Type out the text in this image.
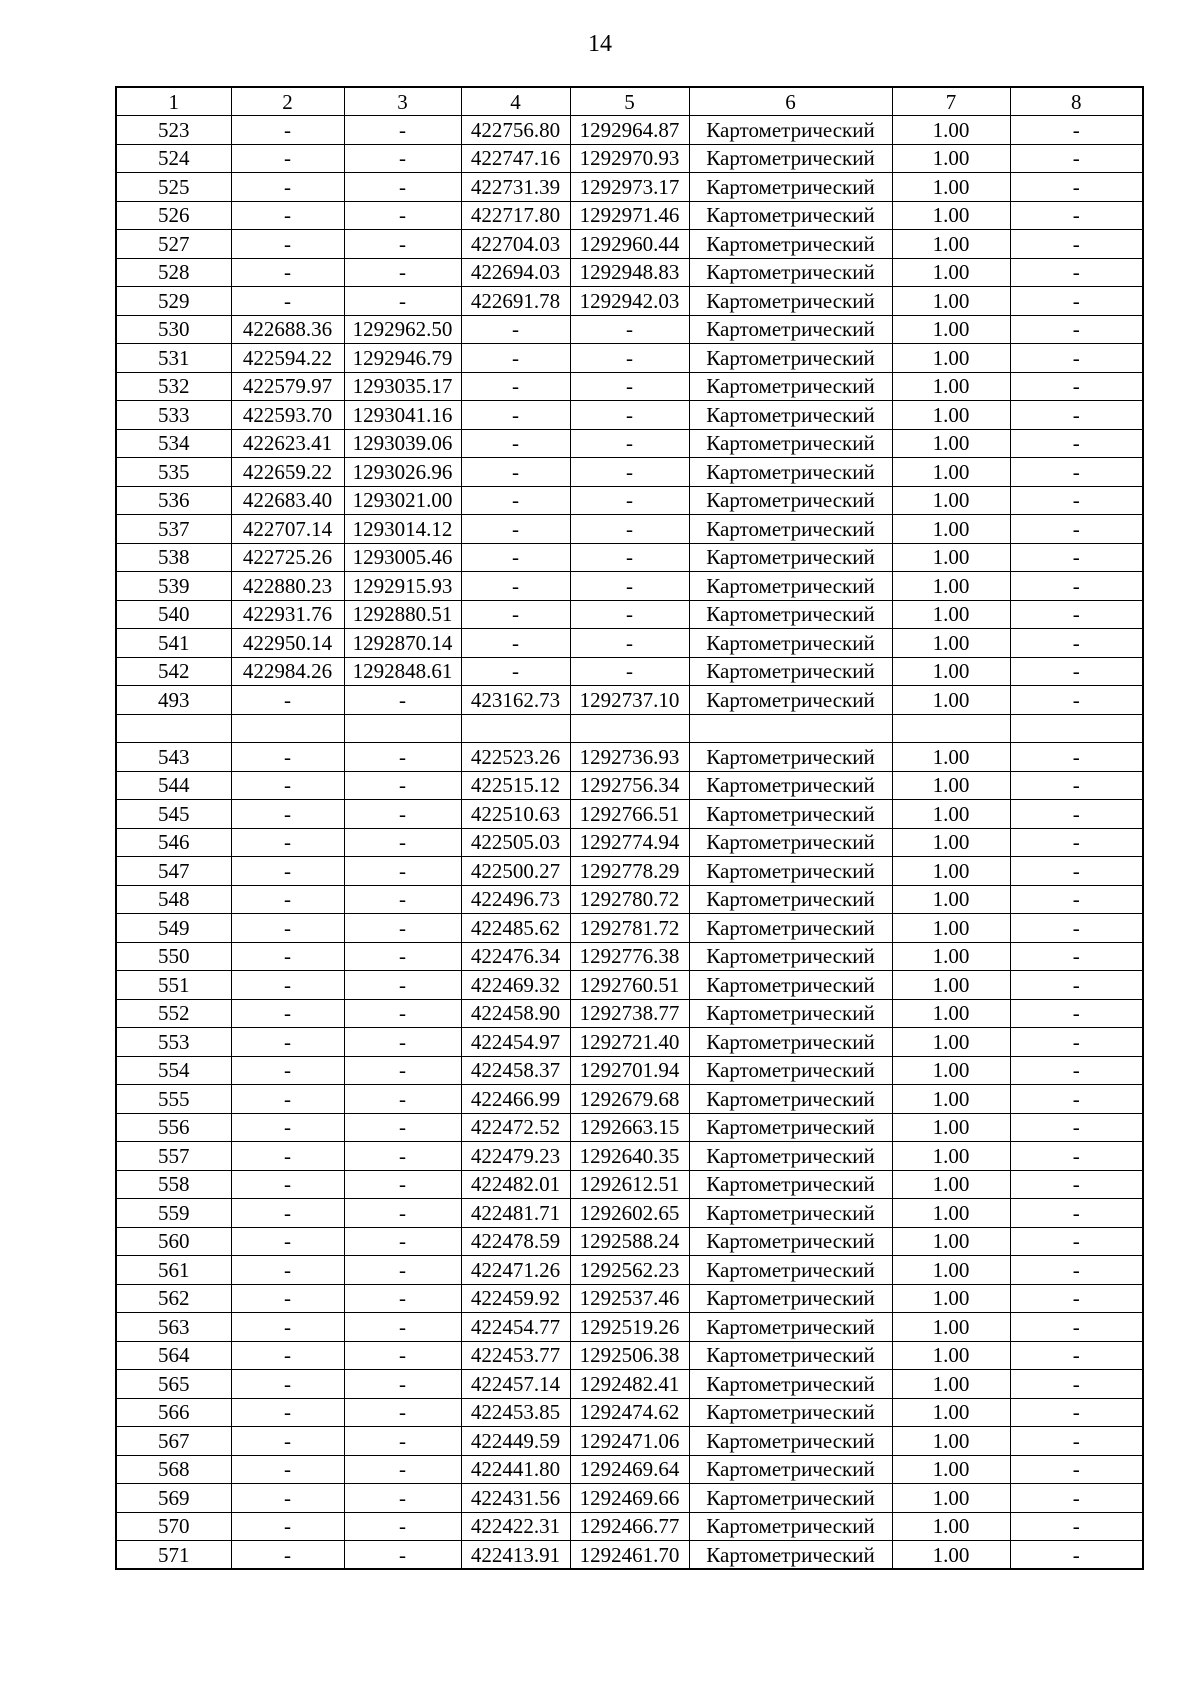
14
1	2	3	4	5	6	7	8
523	-	-	422756.80	1292964.87	Картометрический	1.00	-
524	-	-	422747.16	1292970.93	Картометрический	1.00	-
525	-	-	422731.39	1292973.17	Картометрический	1.00	-
526	-	-	422717.80	1292971.46	Картометрический	1.00	-
527	-	-	422704.03	1292960.44	Картометрический	1.00	-
528	-	-	422694.03	1292948.83	Картометрический	1.00	-
529	-	-	422691.78	1292942.03	Картометрический	1.00	-
530	422688.36	1292962.50	-	-	Картометрический	1.00	-
531	422594.22	1292946.79	-	-	Картометрический	1.00	-
532	422579.97	1293035.17	-	-	Картометрический	1.00	-
533	422593.70	1293041.16	-	-	Картометрический	1.00	-
534	422623.41	1293039.06	-	-	Картометрический	1.00	-
535	422659.22	1293026.96	-	-	Картометрический	1.00	-
536	422683.40	1293021.00	-	-	Картометрический	1.00	-
537	422707.14	1293014.12	-	-	Картометрический	1.00	-
538	422725.26	1293005.46	-	-	Картометрический	1.00	-
539	422880.23	1292915.93	-	-	Картометрический	1.00	-
540	422931.76	1292880.51	-	-	Картометрический	1.00	-
541	422950.14	1292870.14	-	-	Картометрический	1.00	-
542	422984.26	1292848.61	-	-	Картометрический	1.00	-
493	-	-	423162.73	1292737.10	Картометрический	1.00	-

543	-	-	422523.26	1292736.93	Картометрический	1.00	-
544	-	-	422515.12	1292756.34	Картометрический	1.00	-
545	-	-	422510.63	1292766.51	Картометрический	1.00	-
546	-	-	422505.03	1292774.94	Картометрический	1.00	-
547	-	-	422500.27	1292778.29	Картометрический	1.00	-
548	-	-	422496.73	1292780.72	Картометрический	1.00	-
549	-	-	422485.62	1292781.72	Картометрический	1.00	-
550	-	-	422476.34	1292776.38	Картометрический	1.00	-
551	-	-	422469.32	1292760.51	Картометрический	1.00	-
552	-	-	422458.90	1292738.77	Картометрический	1.00	-
553	-	-	422454.97	1292721.40	Картометрический	1.00	-
554	-	-	422458.37	1292701.94	Картометрический	1.00	-
555	-	-	422466.99	1292679.68	Картометрический	1.00	-
556	-	-	422472.52	1292663.15	Картометрический	1.00	-
557	-	-	422479.23	1292640.35	Картометрический	1.00	-
558	-	-	422482.01	1292612.51	Картометрический	1.00	-
559	-	-	422481.71	1292602.65	Картометрический	1.00	-
560	-	-	422478.59	1292588.24	Картометрический	1.00	-
561	-	-	422471.26	1292562.23	Картометрический	1.00	-
562	-	-	422459.92	1292537.46	Картометрический	1.00	-
563	-	-	422454.77	1292519.26	Картометрический	1.00	-
564	-	-	422453.77	1292506.38	Картометрический	1.00	-
565	-	-	422457.14	1292482.41	Картометрический	1.00	-
566	-	-	422453.85	1292474.62	Картометрический	1.00	-
567	-	-	422449.59	1292471.06	Картометрический	1.00	-
568	-	-	422441.80	1292469.64	Картометрический	1.00	-
569	-	-	422431.56	1292469.66	Картометрический	1.00	-
570	-	-	422422.31	1292466.77	Картометрический	1.00	-
571	-	-	422413.91	1292461.70	Картометрический	1.00	-
